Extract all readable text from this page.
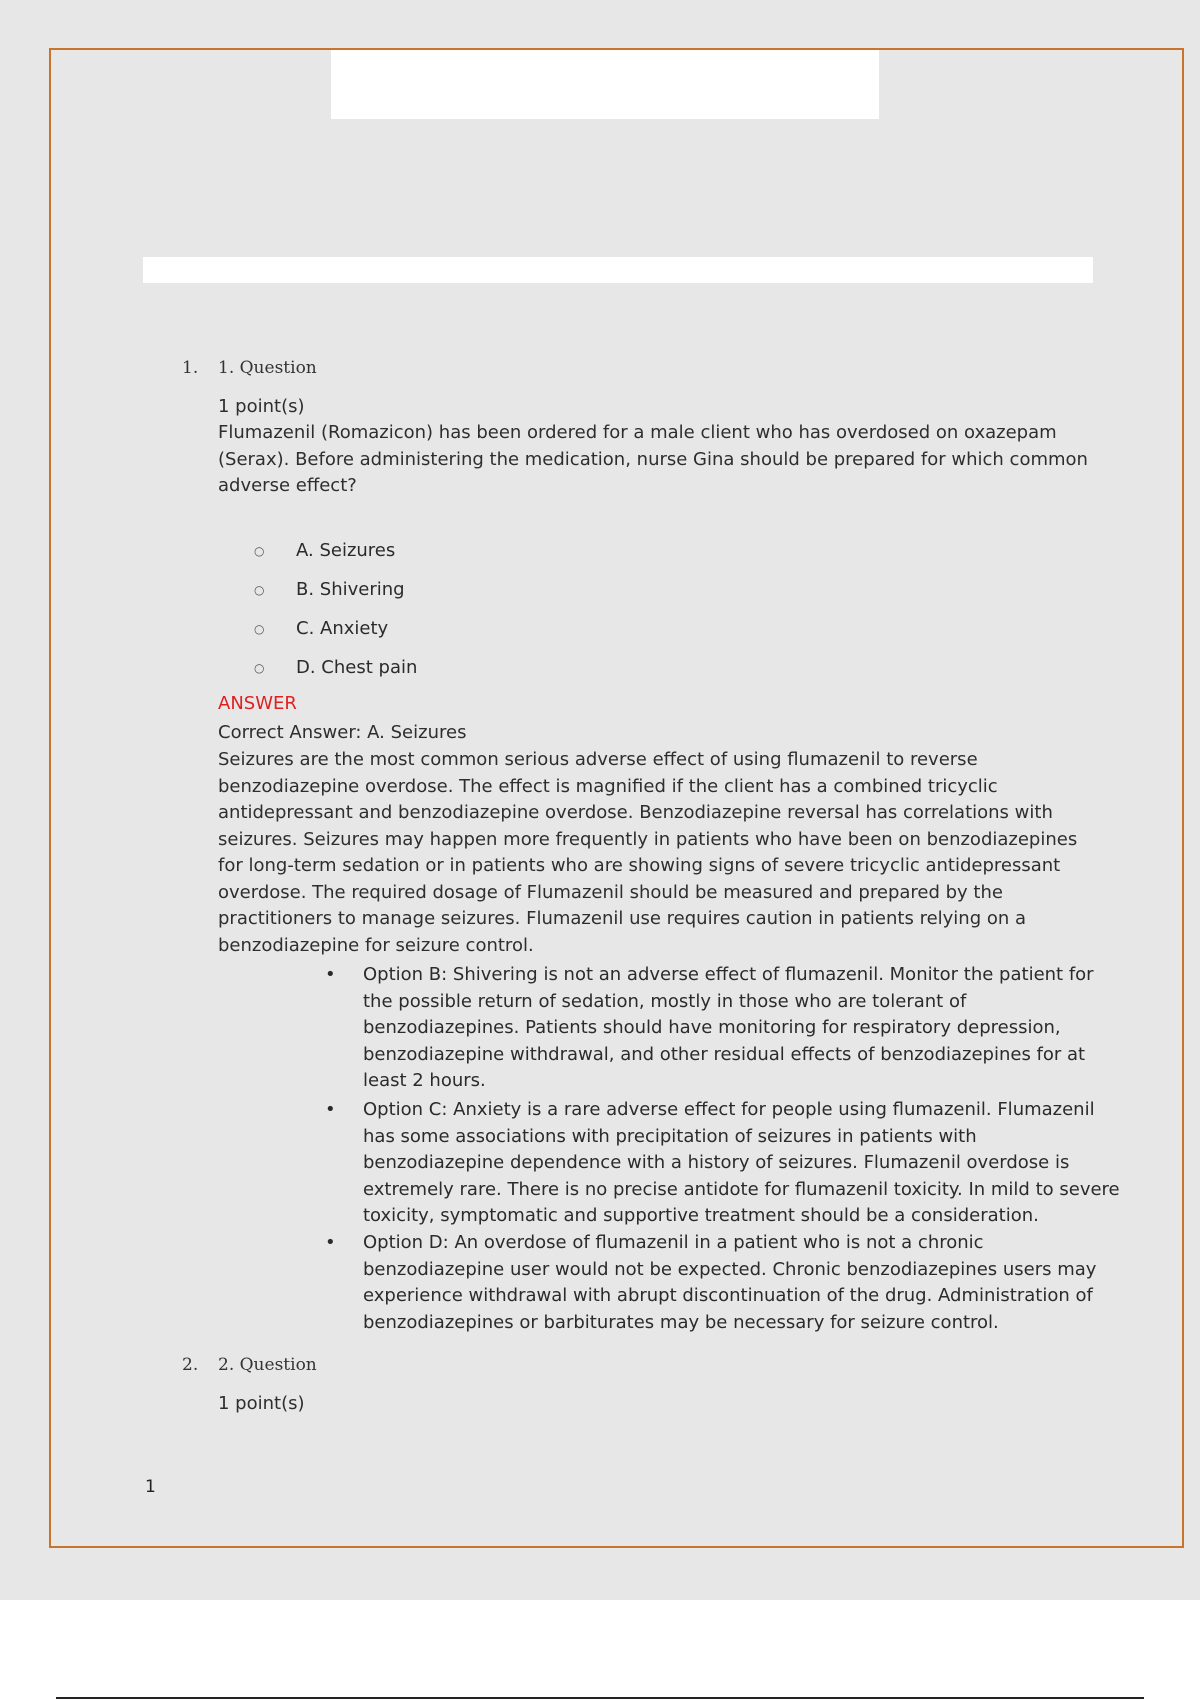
1. 1. Question
1 point(s)
Flumazenil (Romazicon) has been ordered for a male client who has overdosed on oxazepam (Serax). Before administering the medication, nurse Gina should be prepared for which common adverse effect?
○ A. Seizures
○ B. Shivering
○ C. Anxiety
○ D. Chest pain
ANSWER
Correct Answer: A. Seizures
Seizures are the most common serious adverse effect of using flumazenil to reverse benzodiazepine overdose. The effect is magnified if the client has a combined tricyclic antidepressant and benzodiazepine overdose. Benzodiazepine reversal has correlations with seizures. Seizures may happen more frequently in patients who have been on benzodiazepines for long-term sedation or in patients who are showing signs of severe tricyclic antidepressant overdose. The required dosage of Flumazenil should be measured and prepared by the practitioners to manage seizures. Flumazenil use requires caution in patients relying on a benzodiazepine for seizure control.
• Option B: Shivering is not an adverse effect of flumazenil. Monitor the patient for the possible return of sedation, mostly in those who are tolerant of benzodiazepines. Patients should have monitoring for respiratory depression, benzodiazepine withdrawal, and other residual effects of benzodiazepines for at least 2 hours.
• Option C: Anxiety is a rare adverse effect for people using flumazenil. Flumazenil has some associations with precipitation of seizures in patients with benzodiazepine dependence with a history of seizures. Flumazenil overdose is extremely rare. There is no precise antidote for flumazenil toxicity. In mild to severe toxicity, symptomatic and supportive treatment should be a consideration.
• Option D: An overdose of flumazenil in a patient who is not a chronic benzodiazepine user would not be expected. Chronic benzodiazepines users may experience withdrawal with abrupt discontinuation of the drug. Administration of benzodiazepines or barbiturates may be necessary for seizure control.
2. 2. Question
1 point(s)
1
